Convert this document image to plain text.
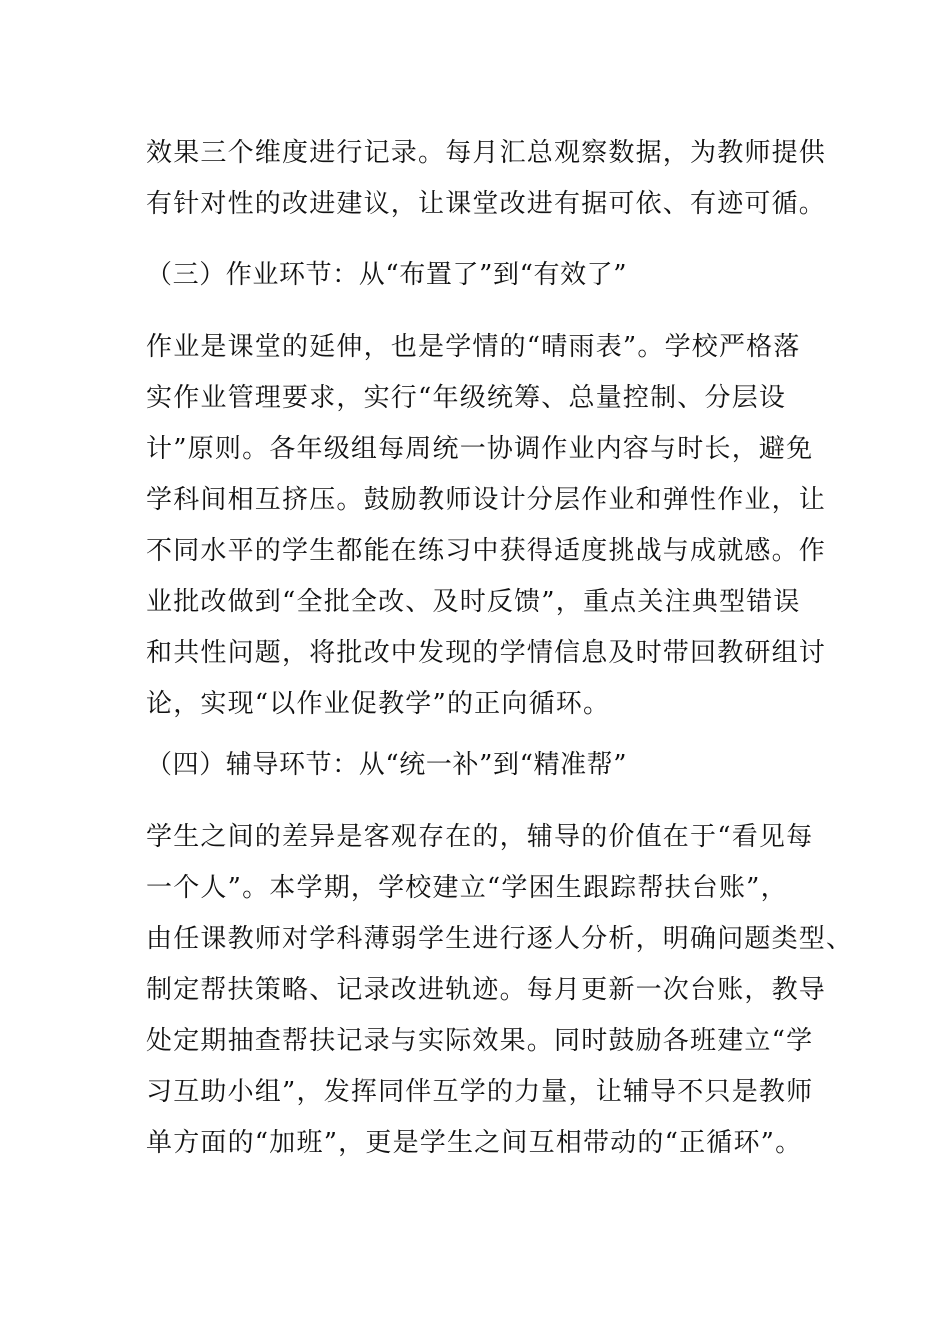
效果三个维度进行记录。每月汇总观察数据，为教师提供
有针对性的改进建议，让课堂改进有据可依、有迹可循。
（三）作业环节：从“布置了”到“有效了”
作业是课堂的延伸，也是学情的“晴雨表”。学校严格落
实作业管理要求，实行“年级统筹、总量控制、分层设
计”原则。各年级组每周统一协调作业内容与时长，避免
学科间相互挤压。鼓励教师设计分层作业和弹性作业，让
不同水平的学生都能在练习中获得适度挑战与成就感。作
业批改做到“全批全改、及时反馈”，重点关注典型错误
和共性问题，将批改中发现的学情信息及时带回教研组讨
论，实现“以作业促教学”的正向循环。
（四）辅导环节：从“统一补”到“精准帮”
学生之间的差异是客观存在的，辅导的价值在于“看见每
一个人”。本学期，学校建立“学困生跟踪帮扶台账”，
由任课教师对学科薄弱学生进行逐人分析，明确问题类型、
制定帮扶策略、记录改进轨迹。每月更新一次台账，教导
处定期抽查帮扶记录与实际效果。同时鼓励各班建立“学
习互助小组”，发挥同伴互学的力量，让辅导不只是教师
单方面的“加班”，更是学生之间互相带动的“正循环”。
